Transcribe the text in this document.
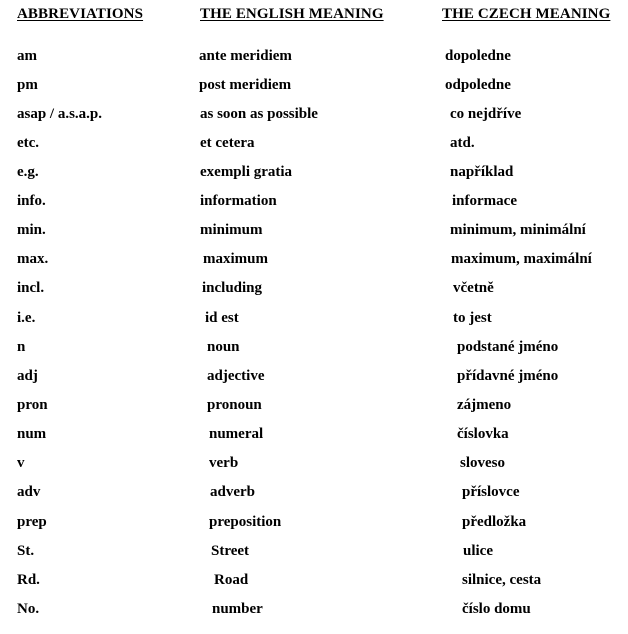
ABBREVIATIONS	THE ENGLISH MEANING	THE CZECH MEANING
am	ante meridiem	dopoledne
pm	post meridiem	odpoledne
asap / a.s.a.p.	as soon as possible	co nejdříve
etc.	et cetera	atd.
e.g.	exempli gratia	například
info.	information	informace
min.	minimum	minimum, minimální
max.	maximum	maximum, maximální
incl.	including	včetně
i.e.	id est	to jest
n	noun	podstané jméno
adj	adjective	přídavné jméno
pron	pronoun	zájmeno
num	numeral	číslovka
v	verb	sloveso
adv	adverb	příslovce
prep	preposition	předložka
St.	Street	ulice
Rd.	Road	silnice, cesta
No.	number	číslo domu
